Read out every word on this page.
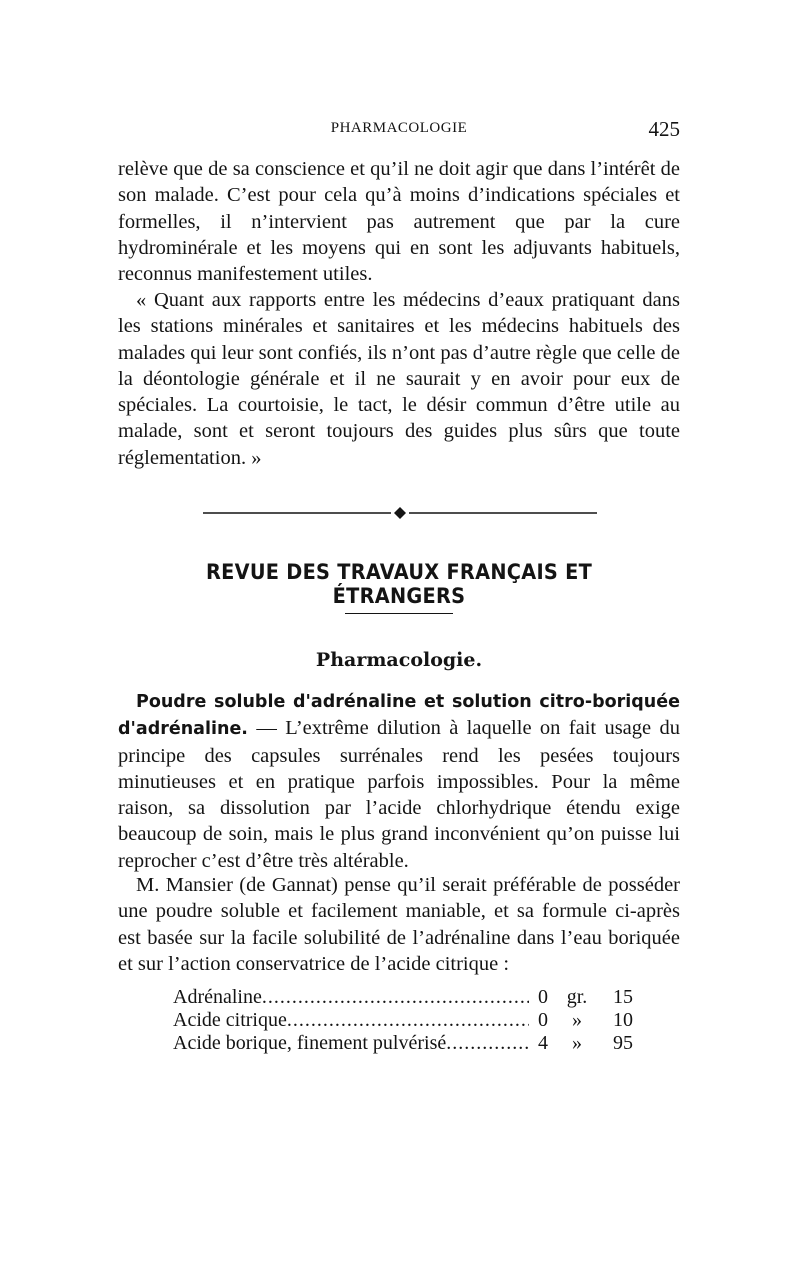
PHARMACOLOGIE	425

relève que de sa conscience et qu’il ne doit agir que dans l’intérêt de son malade. C’est pour cela qu’à moins d’indications spéciales et formelles, il n’intervient pas autrement que par la cure hydrominérale et les moyens qui en sont les adjuvants habituels, reconnus manifestement utiles.

« Quant aux rapports entre les médecins d’eaux pratiquant dans les stations minérales et sanitaires et les médecins habituels des malades qui leur sont confiés, ils n’ont pas d’autre règle que celle de la déontologie générale et il ne saurait y en avoir pour eux de spéciales. La courtoisie, le tact, le désir commun d’être utile au malade, sont et seront toujours des guides plus sûrs que toute réglementation. »

REVUE DES TRAVAUX FRANÇAIS ET ÉTRANGERS
Pharmacologie.

Poudre soluble d'adrénaline et solution citro-boriquée d'adrénaline. — L’extrême dilution à laquelle on fait usage du principe des capsules surrénales rend les pesées toujours minutieuses et en pratique parfois impossibles. Pour la même raison, sa dissolution par l’acide chlorhydrique étendu exige beaucoup de soin, mais le plus grand inconvénient qu’on puisse lui reprocher c’est d’être très altérable.

M. Mansier (de Gannat) pense qu’il serait préférable de posséder une poudre soluble et facilement maniable, et sa formule ci-après est basée sur la facile solubilité de l’adrénaline dans l’eau boriquée et sur l’action conservatrice de l’acide citrique :

Adrénaline .....	0 gr.	15
Acide citrique .....	0	»	10
Acide borique, finement pulvérisé .....	4	»	95
